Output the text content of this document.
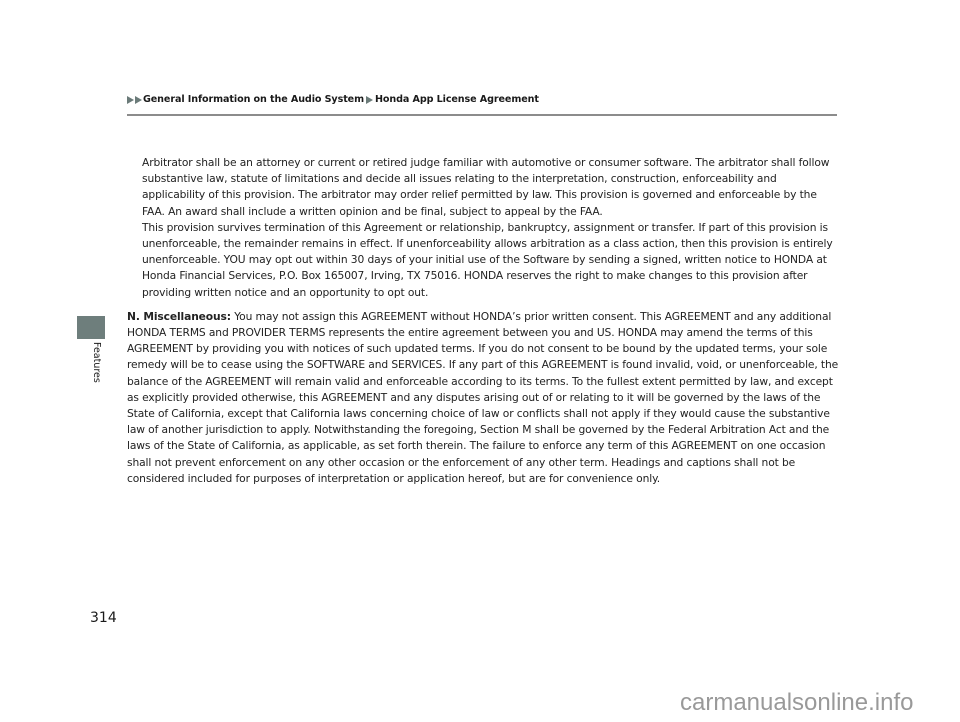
General Information on the Audio System Honda App License Agreement
Features

Arbitrator shall be an attorney or current or retired judge familiar with automotive or consumer software. The arbitrator shall follow substantive law, statute of limitations and decide all issues relating to the interpretation, construction, enforceability and applicability of this provision. The arbitrator may order relief permitted by law. This provision is governed and enforceable by the FAA. An award shall include a written opinion and be final, subject to appeal by the FAA.

This provision survives termination of this Agreement or relationship, bankruptcy, assignment or transfer. If part of this provision is unenforceable, the remainder remains in effect. If unenforceability allows arbitration as a class action, then this provision is entirely unenforceable. YOU may opt out within 30 days of your initial use of the Software by sending a signed, written notice to HONDA at Honda Financial Services, P.O. Box 165007, Irving, TX 75016. HONDA reserves the right to make changes to this provision after providing written notice and an opportunity to opt out.

N. Miscellaneous: You may not assign this AGREEMENT without HONDA’s prior written consent. This AGREEMENT and any additional HONDA TERMS and PROVIDER TERMS represents the entire agreement between you and US. HONDA may amend the terms of this AGREEMENT by providing you with notices of such updated terms. If you do not consent to be bound by the updated terms, your sole remedy will be to cease using the SOFTWARE and SERVICES. If any part of this AGREEMENT is found invalid, void, or unenforceable, the balance of the AGREEMENT will remain valid and enforceable according to its terms. To the fullest extent permitted by law, and except as explicitly provided otherwise, this AGREEMENT and any disputes arising out of or relating to it will be governed by the laws of the State of California, except that California laws concerning choice of law or conflicts shall not apply if they would cause the substantive law of another jurisdiction to apply. Notwithstanding the foregoing, Section M shall be governed by the Federal Arbitration Act and the laws of the State of California, as applicable, as set forth therein. The failure to enforce any term of this AGREEMENT on one occasion shall not prevent enforcement on any other occasion or the enforcement of any other term. Headings and captions shall not be considered included for purposes of interpretation or application hereof, but are for convenience only.

314
carmanualsonline.info
